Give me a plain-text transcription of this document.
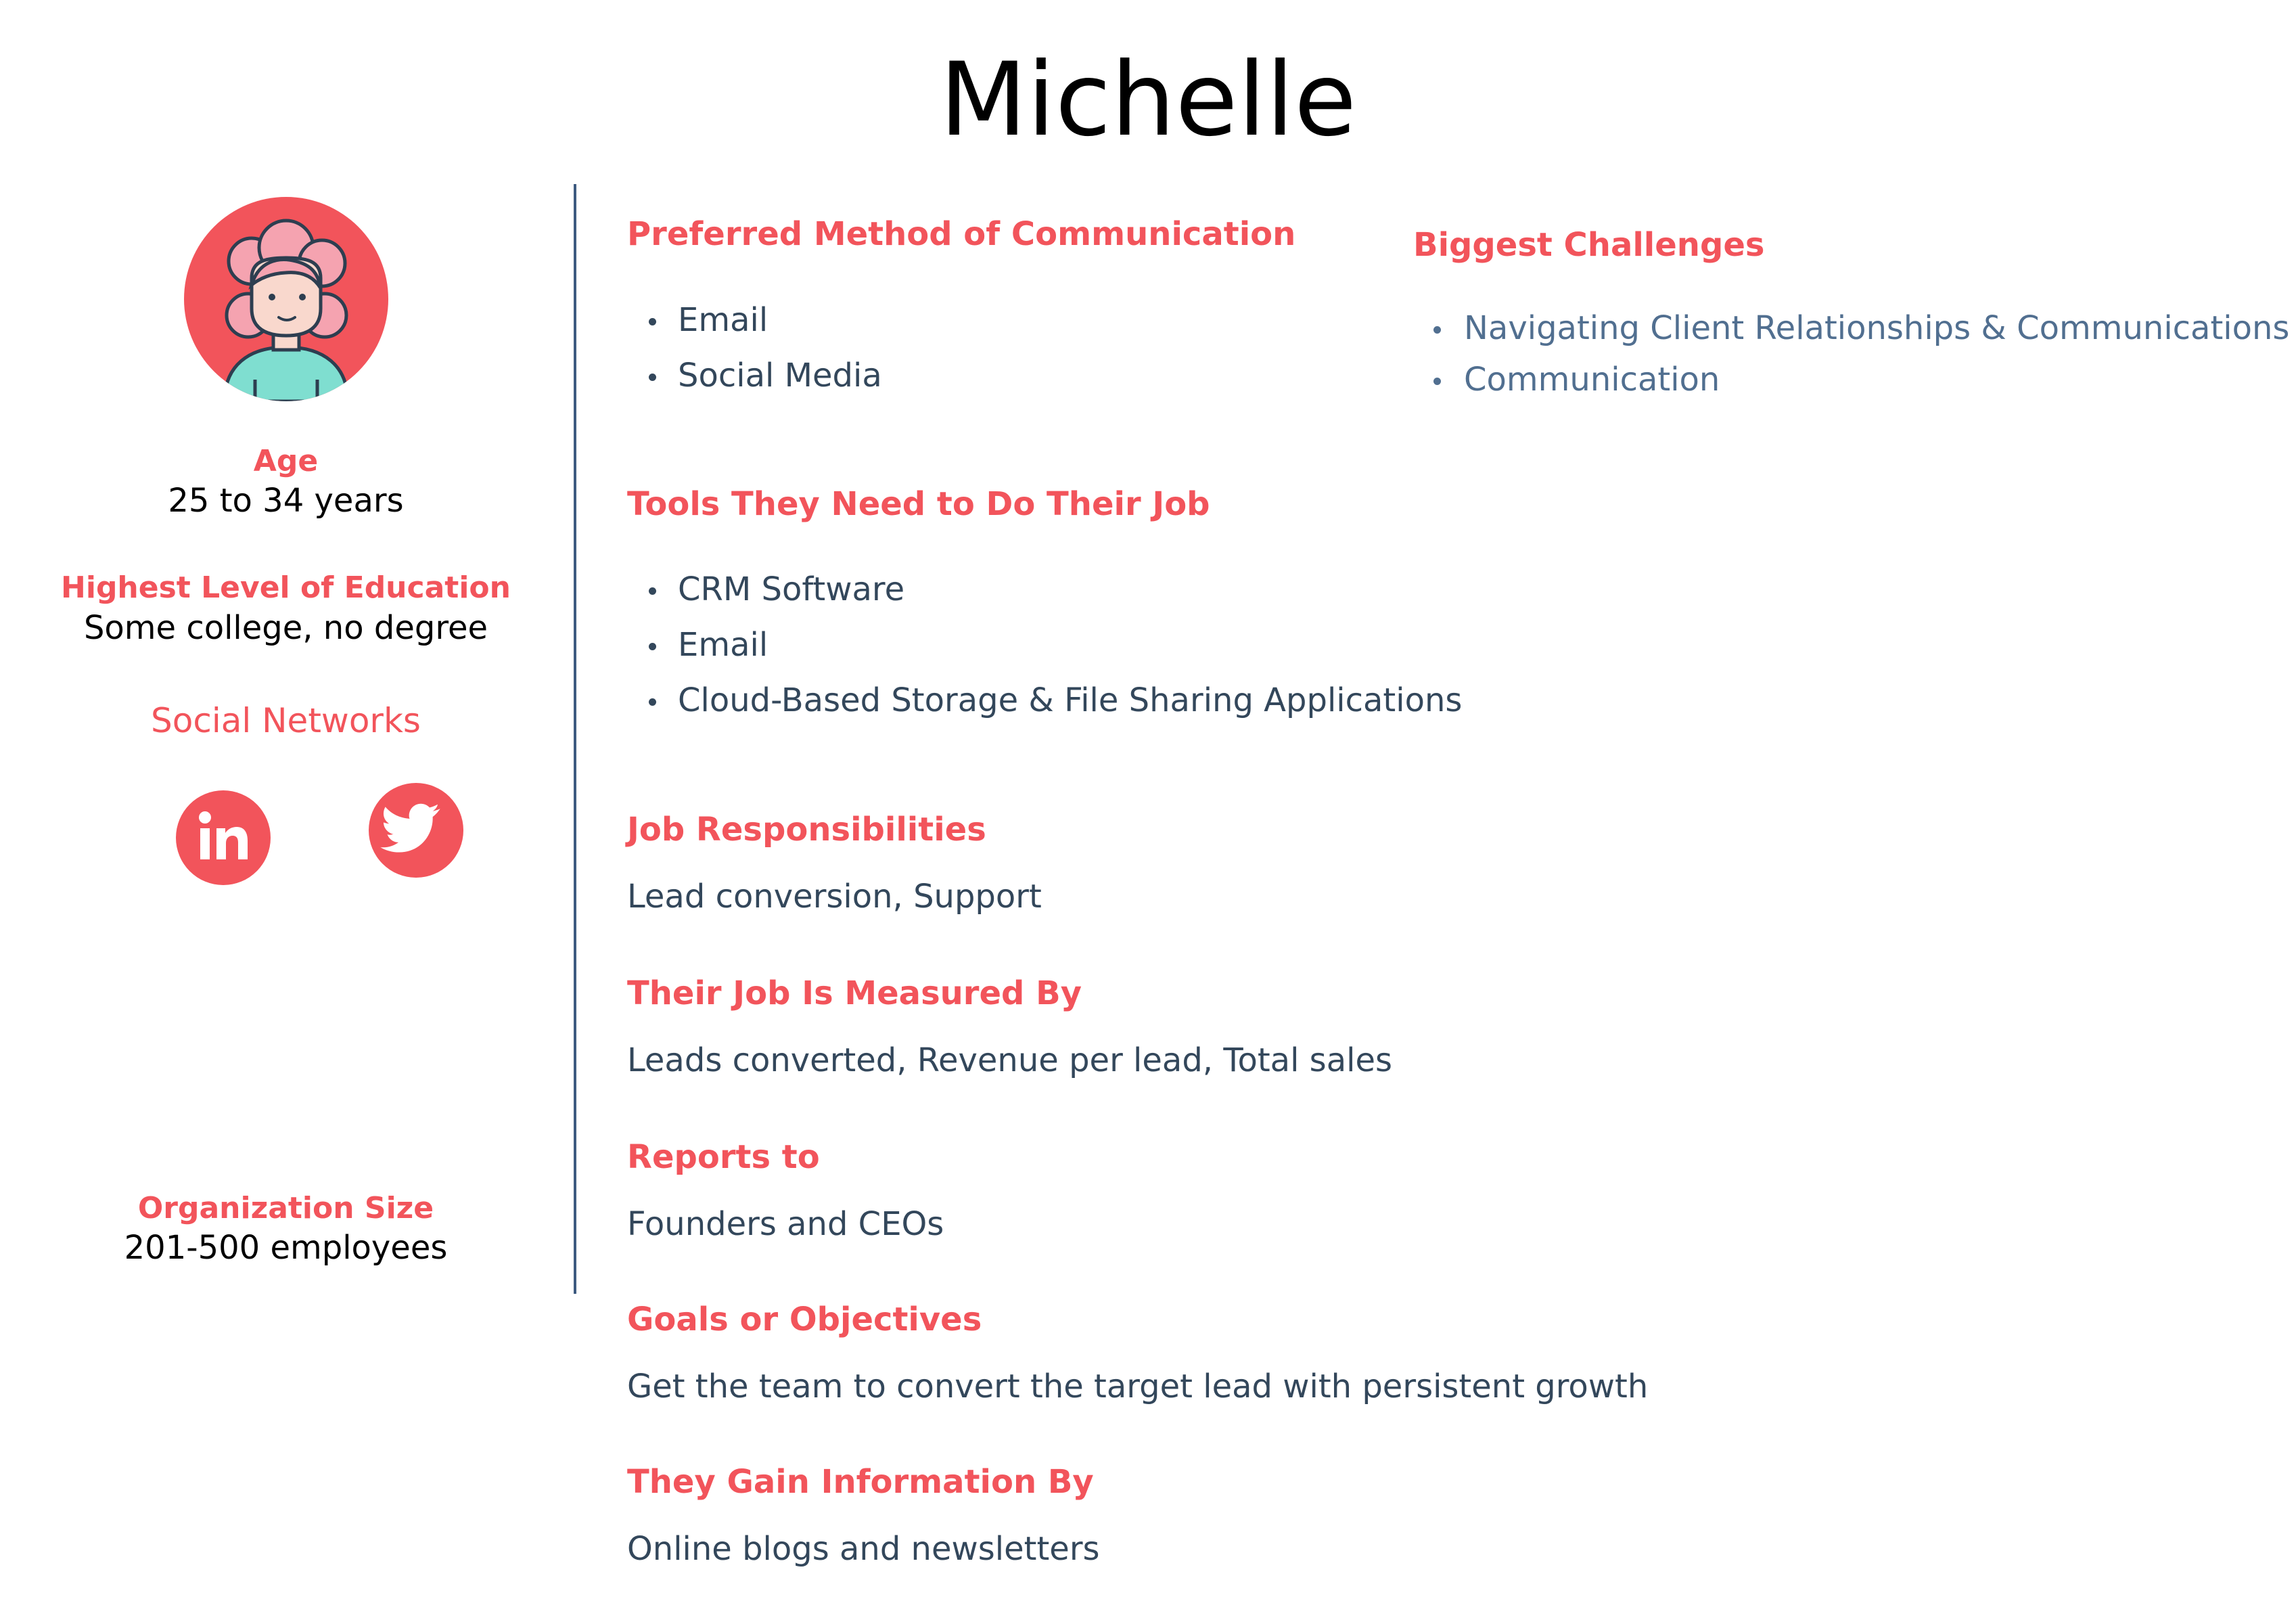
Michelle
Age
25 to 34 years
Highest Level of Education
Some college, no degree
Social Networks
Organization Size
201-500 employees
Preferred Method of Communication
Email
Social Media
Biggest Challenges
Navigating Client Relationships & Communications
Communication
Tools They Need to Do Their Job
CRM Software
Email
Cloud-Based Storage & File Sharing Applications
Job Responsibilities
Lead conversion, Support
Their Job Is Measured By
Leads converted, Revenue per lead, Total sales
Reports to
Founders and CEOs
Goals or Objectives
Get the team to convert the target lead with persistent growth
They Gain Information By
Online blogs and newsletters
